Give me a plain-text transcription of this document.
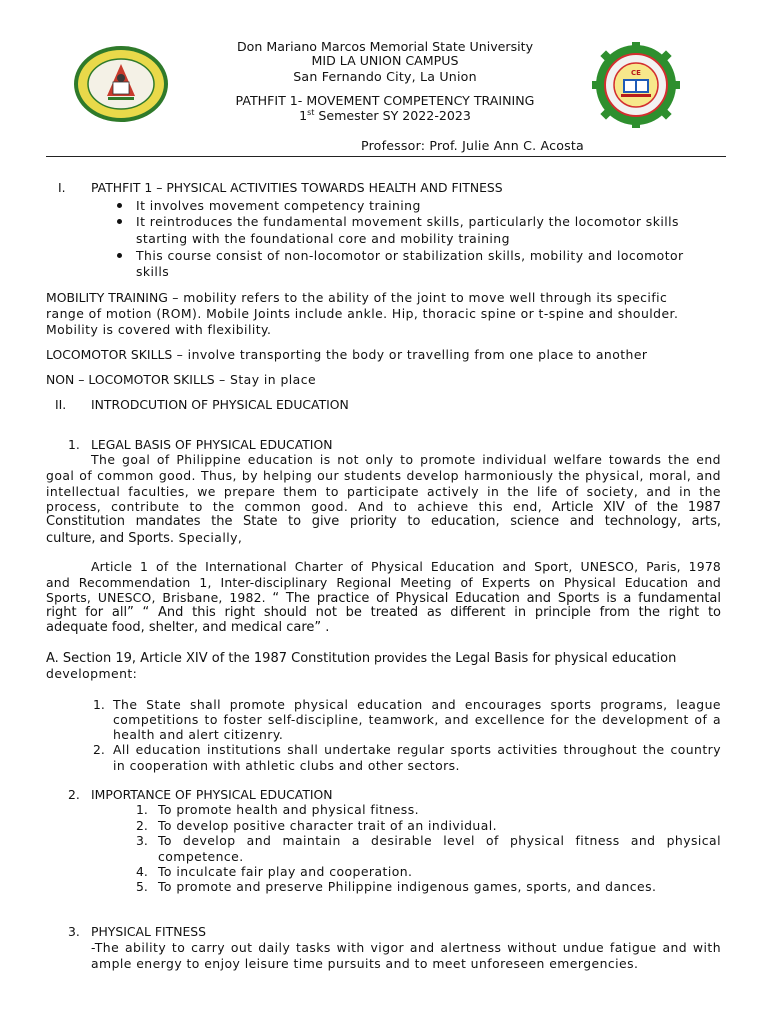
Don Mariano Marcos Memorial State University
MID LA UNION CAMPUS
San Fernando City, La Union
PATHFIT 1- MOVEMENT COMPETENCY TRAINING
1st Semester SY 2022-2023
CE
Professor: Prof. Julie Ann C. Acosta
I. PATHFIT 1 – PHYSICAL ACTIVITIES TOWARDS HEALTH AND FITNESS
It involves movement competency training
It reintroduces the fundamental movement skills, particularly the locomotor skills
starting with the foundational core and mobility training
This course consist of non-locomotor or stabilization skills, mobility and locomotor
skills
MOBILITY TRAINING – mobility refers to the ability of the joint to move well through its specific
range of motion (ROM). Mobile Joints include ankle. Hip, thoracic spine or t-spine and shoulder.
Mobility is covered with flexibility.
LOCOMOTOR SKILLS – involve transporting the body or travelling from one place to another
NON – LOCOMOTOR SKILLS – Stay in place
II. INTRODCUTION OF PHYSICAL EDUCATION
1. LEGAL BASIS OF PHYSICAL EDUCATION
The goal of Philippine education is not only to promote individual welfare towards the end
goal of common good. Thus, by helping our students develop harmoniously the physical, moral, and
intellectual faculties, we prepare them to participate actively in the life of society, and in the
process, contribute to the common good. And to achieve this end, Article XIV of the 1987
Constitution mandates the State to give priority to education, science and technology, arts,
culture, and Sports. Specially,
Article 1 of the International Charter of Physical Education and Sport, UNESCO, Paris, 1978
and Recommendation 1, Inter-disciplinary Regional Meeting of Experts on Physical Education and
Sports, UNESCO, Brisbane, 1982. “ The practice of Physical Education and Sports is a fundamental
right for all” “ And this right should not be treated as different in principle from the right to
adequate food, shelter, and medical care” .
A. Section 19, Article XIV of the 1987 Constitution provides the Legal Basis for physical education
development:
1. The State shall promote physical education and encourages sports programs, league
competitions to foster self-discipline, teamwork, and excellence for the development of a
health and alert citizenry.
2. All education institutions shall undertake regular sports activities throughout the country
in cooperation with athletic clubs and other sectors.
2. IMPORTANCE OF PHYSICAL EDUCATION
1. To promote health and physical fitness.
2. To develop positive character trait of an individual.
3. To develop and maintain a desirable level of physical fitness and physical
competence.
4. To inculcate fair play and cooperation.
5. To promote and preserve Philippine indigenous games, sports, and dances.
3. PHYSICAL FITNESS
-The ability to carry out daily tasks with vigor and alertness without undue fatigue and with
ample energy to enjoy leisure time pursuits and to meet unforeseen emergencies.
